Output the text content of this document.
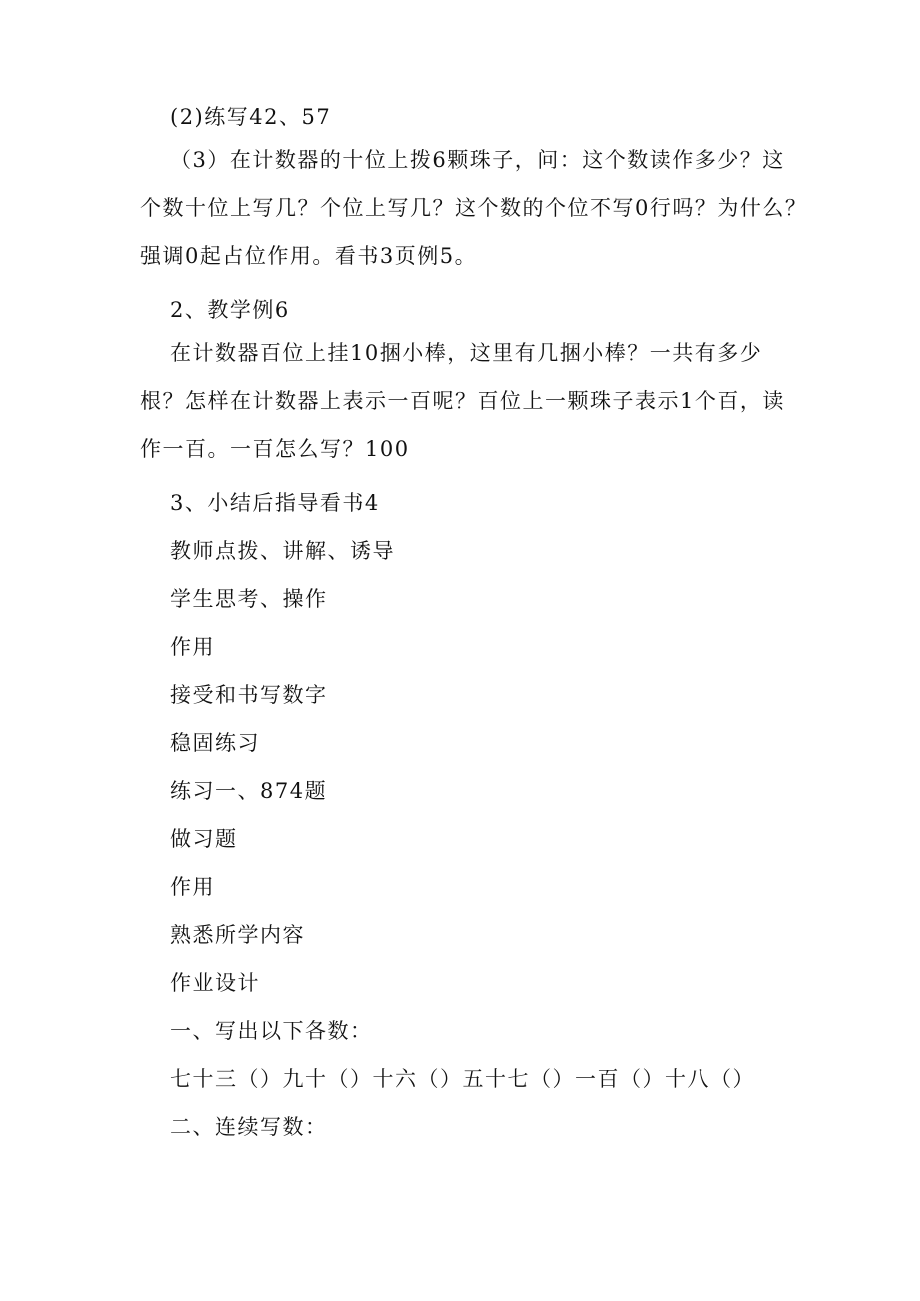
(2)练写42、57
（3）在计数器的十位上拨6颗珠子，问：这个数读作多少？这
个数十位上写几？个位上写几？这个数的个位不写0行吗？为什么？
强调0起占位作用。看书3页例5。
2、教学例6
在计数器百位上挂10捆小棒，这里有几捆小棒？一共有多少
根？怎样在计数器上表示一百呢？百位上一颗珠子表示1个百，读
作一百。一百怎么写？100
3、小结后指导看书4
教师点拨、讲解、诱导
学生思考、操作
作用
接受和书写数字
稳固练习
练习一、874题
做习题
作用
熟悉所学内容
作业设计
一、写出以下各数：
七十三（）九十（）十六（）五十七（）一百（）十八（）
二、连续写数：
